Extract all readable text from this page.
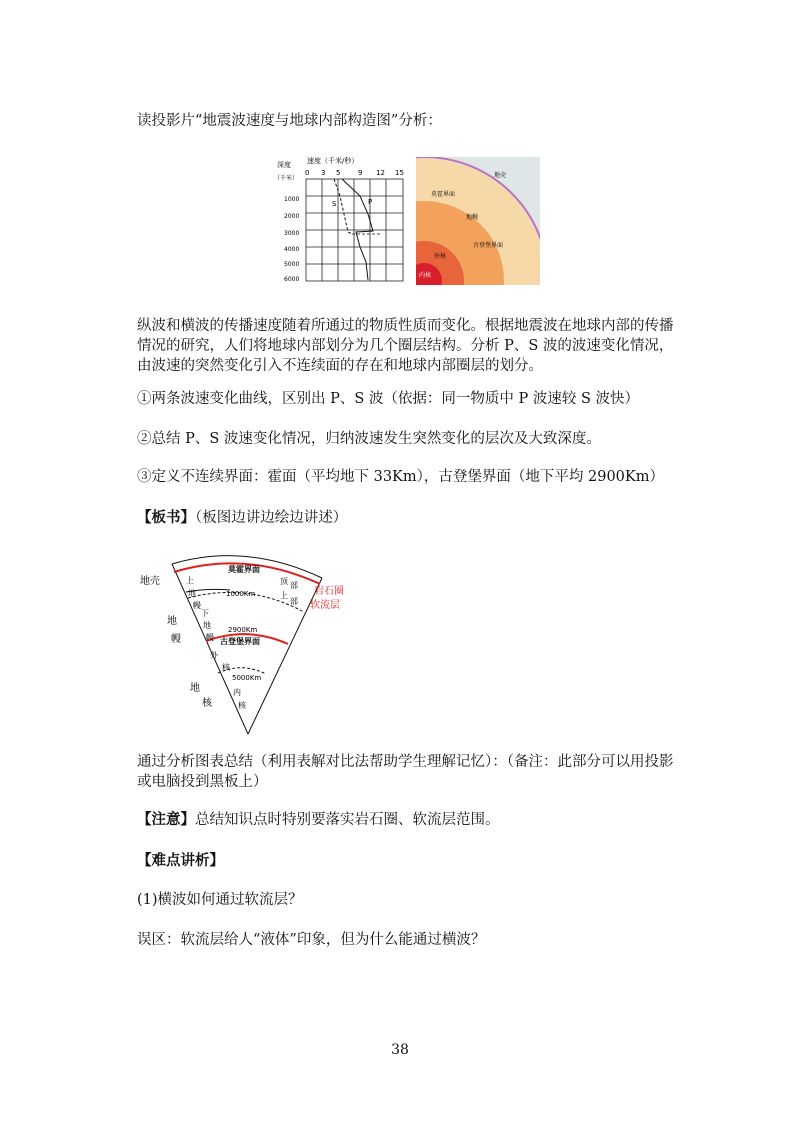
读投影片“地震波速度与地球内部构造图”分析：

深度
（千米）
速度（千米/秒）
0 3 5	9 12 15
1000
2000
3000
4000
5000
6000
S	P
地壳
莫霍界面
地幔
古登堡界面
外核
内核

纵波和横波的传播速度随着所通过的物质性质而变化。根据地震波在地球内部的传播情况的研究，人们将地球内部划分为几个圈层结构。分析 P、S 波的波速变化情况，由波速的突然变化引入不连续面的存在和地球内部圈层的划分。

①两条波速变化曲线，区别出 P、S 波（依据：同一物质中 P 波速较 S 波快）

②总结 P、S 波速变化情况，归纳波速发生突然变化的层次及大致深度。

③定义不连续界面：霍面（平均地下 33Km），古登堡界面（地下平均 2900Km）

【板书】（板图边讲边绘边讲述）

地壳
地
幔
地
核
上
地
幔
下
地
幔
外
核
内
核
莫霍界面
1000Km
2900Km
古登堡界面
5000Km
顶 部
上
部
岩石圈
软流层

通过分析图表总结（利用表解对比法帮助学生理解记忆）：（备注：此部分可以用投影或电脑投到黑板上）

【注意】总结知识点时特别要落实岩石圈、软流层范围。

【难点讲析】

(1)横波如何通过软流层？

误区：软流层给人“液体”印象，但为什么能通过横波？

38
